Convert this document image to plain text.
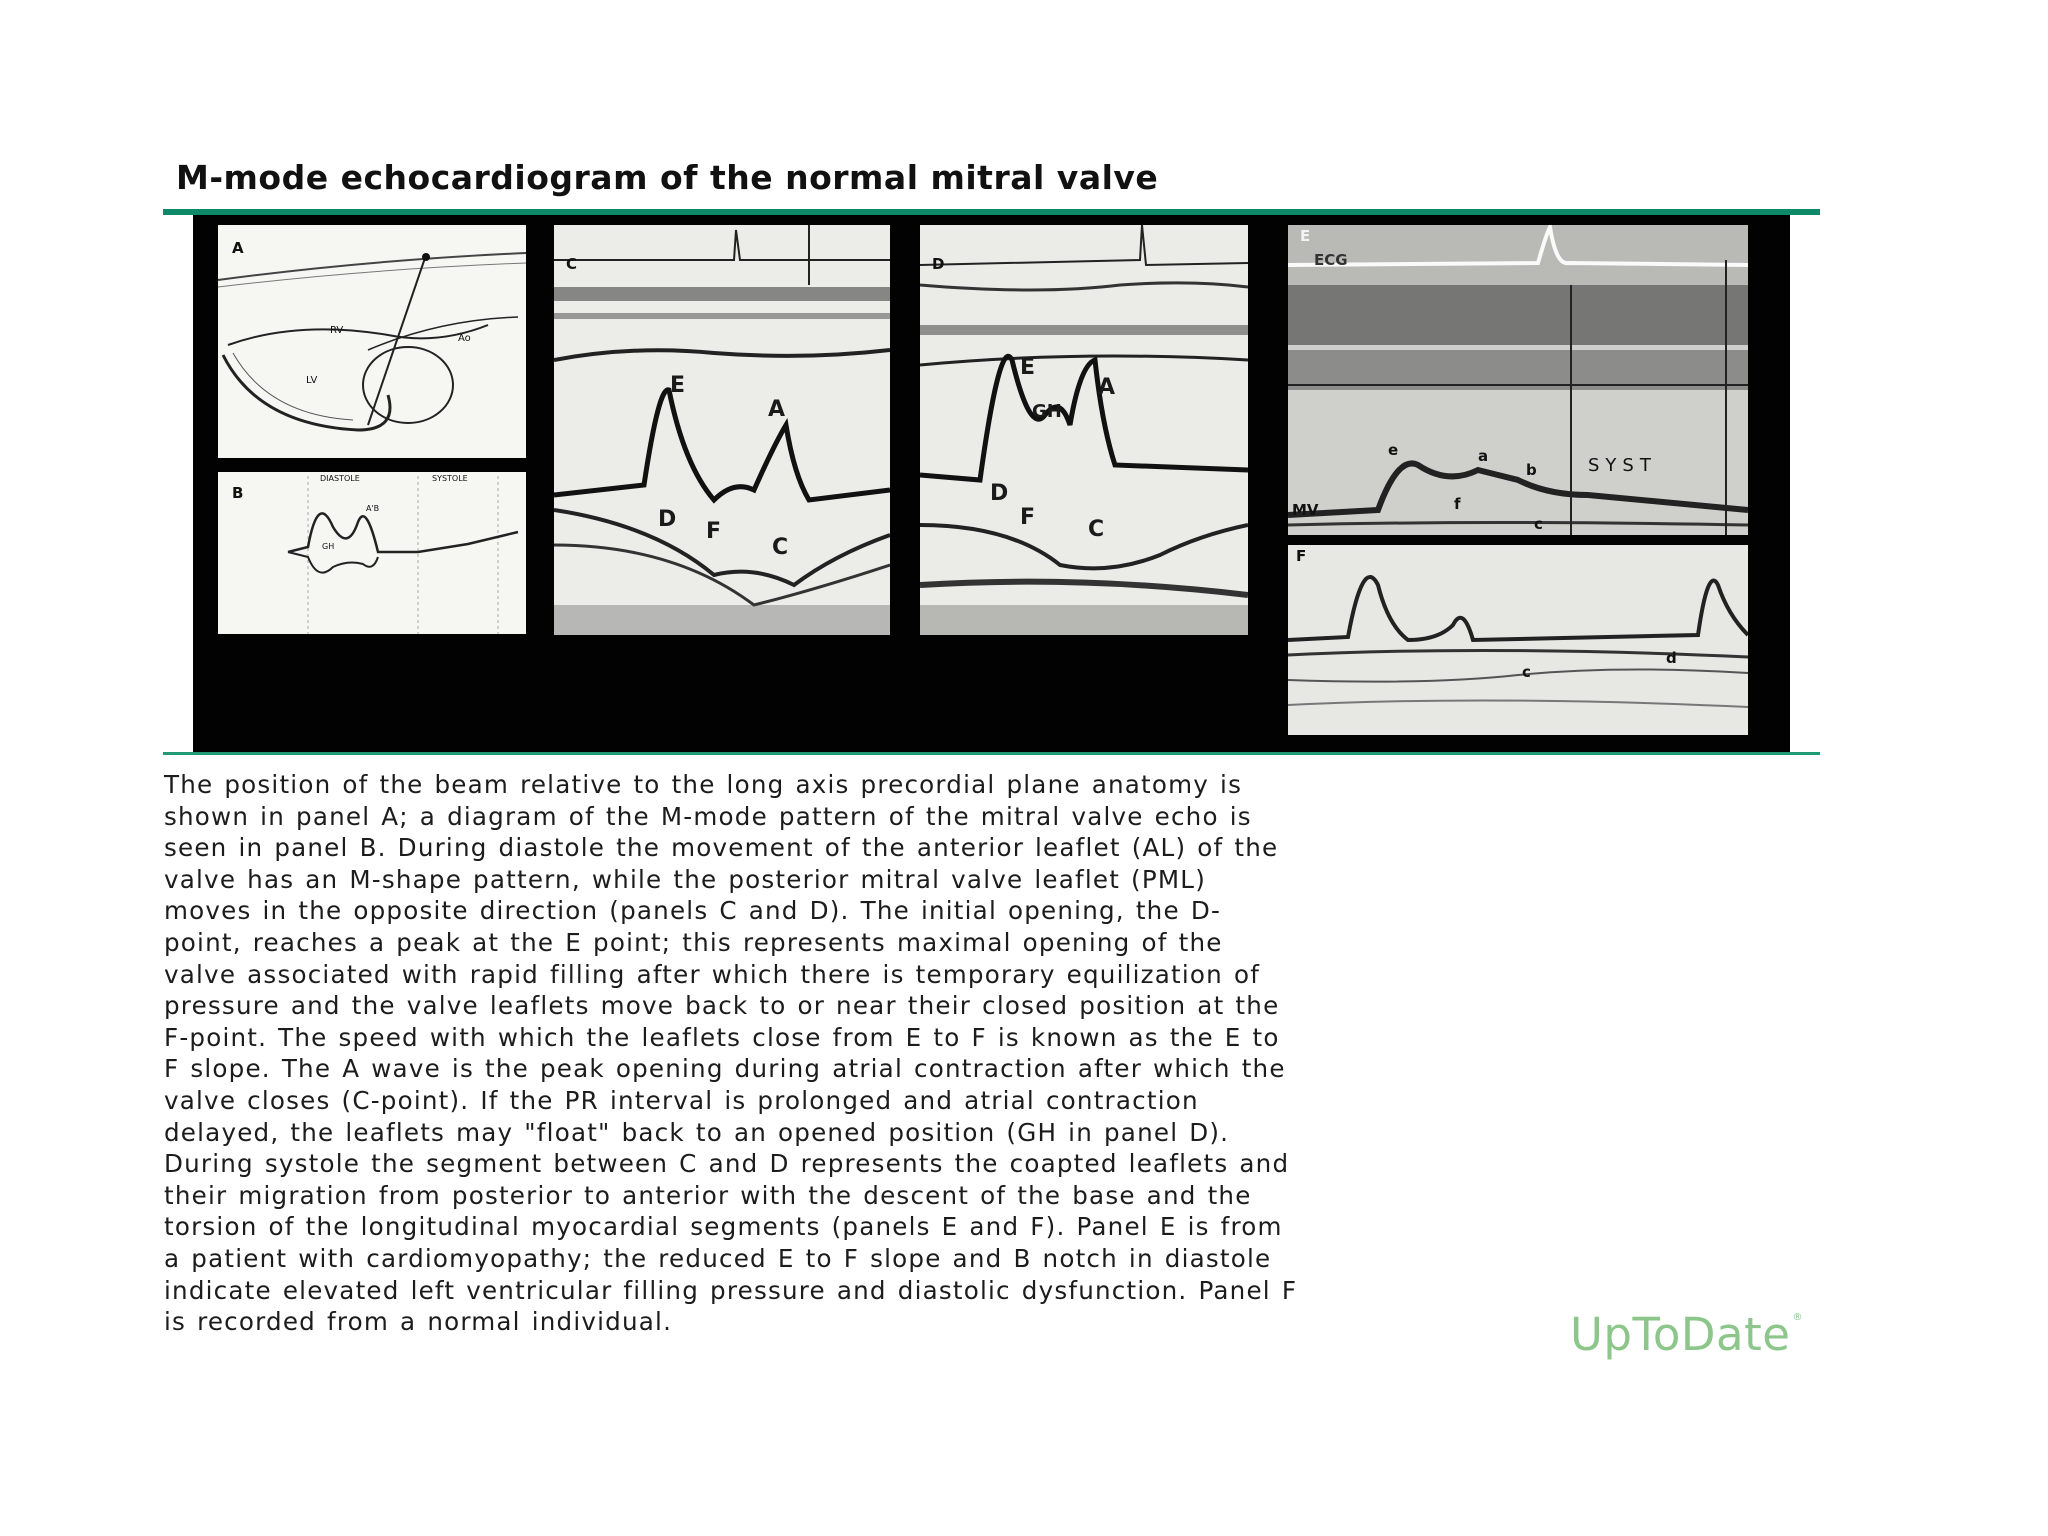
M-mode echocardiogram of the normal mitral valve
A
RV
LV
Ao
B
DIASTOLE	SYSTOLE
A'B
GH
C
E
A
D F
C
D
E
GH
A
D
F C
E
ECG
SYST
MV
e	a
b
f
c
F
c
d
The position of the beam relative to the long axis precordial plane anatomy is
shown in panel A; a diagram of the M-mode pattern of the mitral valve echo is
seen in panel B. During diastole the movement of the anterior leaflet (AL) of the
valve has an M-shape pattern, while the posterior mitral valve leaflet (PML)
moves in the opposite direction (panels C and D). The initial opening, the D-
point, reaches a peak at the E point; this represents maximal opening of the
valve associated with rapid filling after which there is temporary equilization of
pressure and the valve leaflets move back to or near their closed position at the
F-point. The speed with which the leaflets close from E to F is known as the E to
F slope. The A wave is the peak opening during atrial contraction after which the
valve closes (C-point). If the PR interval is prolonged and atrial contraction
delayed, the leaflets may "float" back to an opened position (GH in panel D).
During systole the segment between C and D represents the coapted leaflets and
their migration from posterior to anterior with the descent of the base and the
torsion of the longitudinal myocardial segments (panels E and F). Panel E is from
a patient with cardiomyopathy; the reduced E to F slope and B notch in diastole
indicate elevated left ventricular filling pressure and diastolic dysfunction. Panel F
is recorded from a normal individual.	UpToDate ®
